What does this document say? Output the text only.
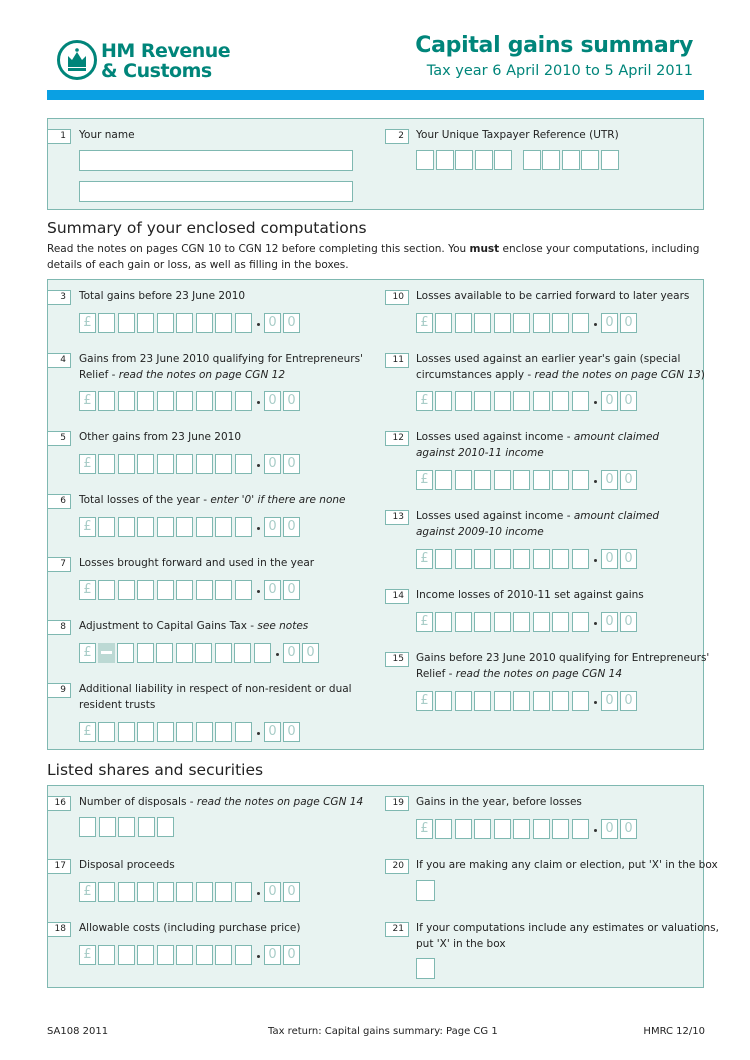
HM Revenue
& Customs
Capital gains summary
Tax year 6 April 2010 to 5 April 2011
1	Your name	2	Your Unique Taxpayer Reference (UTR)
Summary of your enclosed computations
Read the notes on pages CGN 10 to CGN 12 before completing this section. You must enclose your computations, including
details of each gain or loss, as well as filling in the boxes.
3	Total gains before 23 June 2010
£	0 0
4	Gains from 23 June 2010 qualifying for Entrepreneurs'
Relief - read the notes on page CGN 12
£	0 0
5	Other gains from 23 June 2010
£	0 0
6	Total losses of the year - enter '0' if there are none
£	0 0
7	Losses brought forward and used in the year
£	0 0
8	Adjustment to Capital Gains Tax - see notes
£	0 0
9	Additional liability in respect of non-resident or dual
resident trusts
£	0 0
10	Losses available to be carried forward to later years
£	0 0
11	Losses used against an earlier year's gain (special
circumstances apply - read the notes on page CGN 13)
£	0 0
12	Losses used against income - amount claimed
against 2010-11 income
£	0 0
13	Losses used against income - amount claimed
against 2009-10 income
£	0 0
14	Income losses of 2010-11 set against gains
£	0 0
15	Gains before 23 June 2010 qualifying for Entrepreneurs'
Relief - read the notes on page CGN 14
£	0 0
Listed shares and securities
16	Number of disposals - read the notes on page CGN 14
17	Disposal proceeds
£	0 0
18	Allowable costs (including purchase price)
£	0 0
19	Gains in the year, before losses
£	0 0
20	If you are making any claim or election, put 'X' in the box
21	If your computations include any estimates or valuations,
put 'X' in the box
SA108 2011	Tax return: Capital gains summary: Page CG 1	HMRC 12/10
